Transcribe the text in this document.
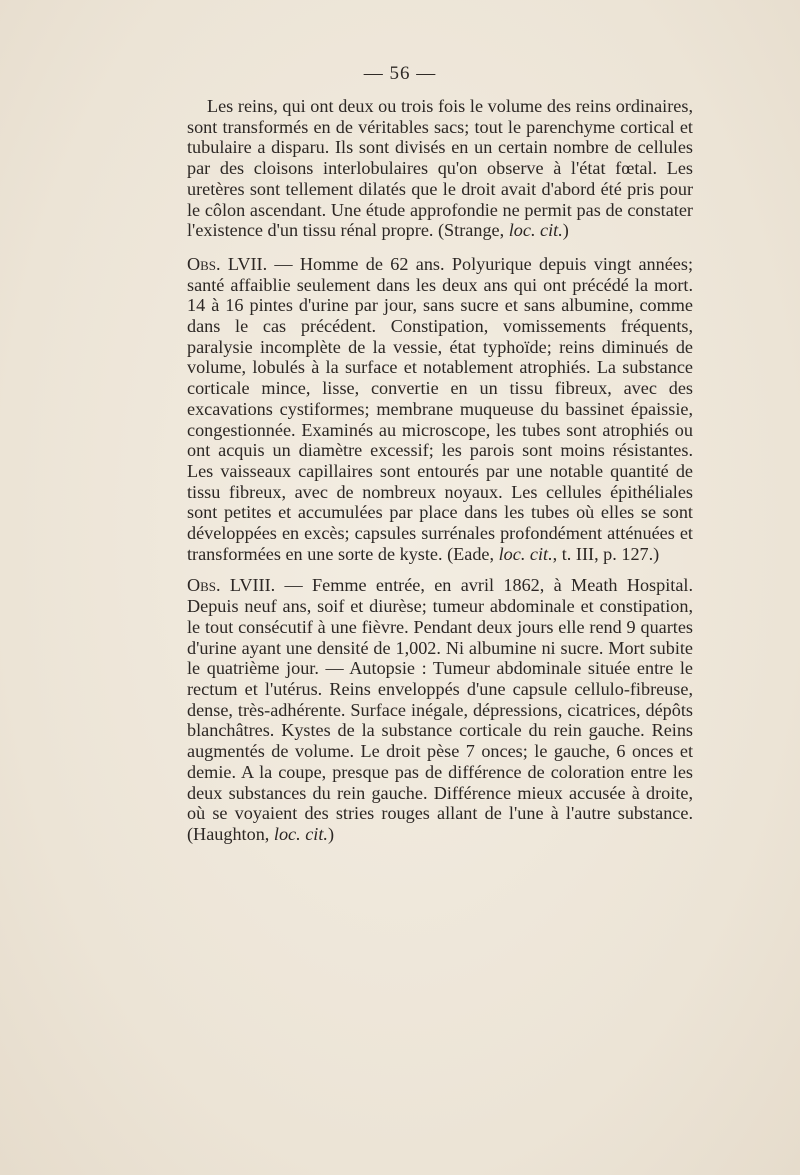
— 56 —

Les reins, qui ont deux ou trois fois le volume des reins ordinaires, sont transformés en de véritables sacs; tout le parenchyme cortical et tubulaire a disparu. Ils sont divisés en un certain nombre de cellules par des cloisons interlobulaires qu'on observe à l'état fœtal. Les uretères sont tellement dilatés que le droit avait d'abord été pris pour le côlon ascendant. Une étude approfondie ne permit pas de constater l'existence d'un tissu rénal propre. (Strange, loc. cit.)

Obs. LVII. — Homme de 62 ans. Polyurique depuis vingt années; santé affaiblie seulement dans les deux ans qui ont précédé la mort. 14 à 16 pintes d'urine par jour, sans sucre et sans albumine, comme dans le cas précédent. Constipation, vomissements fréquents, paralysie incomplète de la vessie, état typhoïde; reins diminués de volume, lobulés à la surface et notablement atrophiés. La substance corticale mince, lisse, convertie en un tissu fibreux, avec des excavations cystiformes; membrane muqueuse du bassinet épaissie, congestionnée. Examinés au microscope, les tubes sont atrophiés ou ont acquis un diamètre excessif; les parois sont moins résistantes. Les vaisseaux capillaires sont entourés par une notable quantité de tissu fibreux, avec de nombreux noyaux. Les cellules épithéliales sont petites et accumulées par place dans les tubes où elles se sont développées en excès; capsules surrénales profondément atténuées et transformées en une sorte de kyste. (Eade, loc. cit., t. III, p. 127.)

Obs. LVIII. — Femme entrée, en avril 1862, à Meath Hospital. Depuis neuf ans, soif et diurèse; tumeur abdominale et constipation, le tout consécutif à une fièvre. Pendant deux jours elle rend 9 quartes d'urine ayant une densité de 1,002. Ni albumine ni sucre. Mort subite le quatrième jour. — Autopsie : Tumeur abdominale située entre le rectum et l'utérus. Reins enveloppés d'une capsule cellulo-fibreuse, dense, très-adhérente. Surface inégale, dépressions, cicatrices, dépôts blanchâtres. Kystes de la substance corticale du rein gauche. Reins augmentés de volume. Le droit pèse 7 onces; le gauche, 6 onces et demie. A la coupe, presque pas de différence de coloration entre les deux substances du rein gauche. Différence mieux accusée à droite, où se voyaient des stries rouges allant de l'une à l'autre substance. (Haughton, loc. cit.)
